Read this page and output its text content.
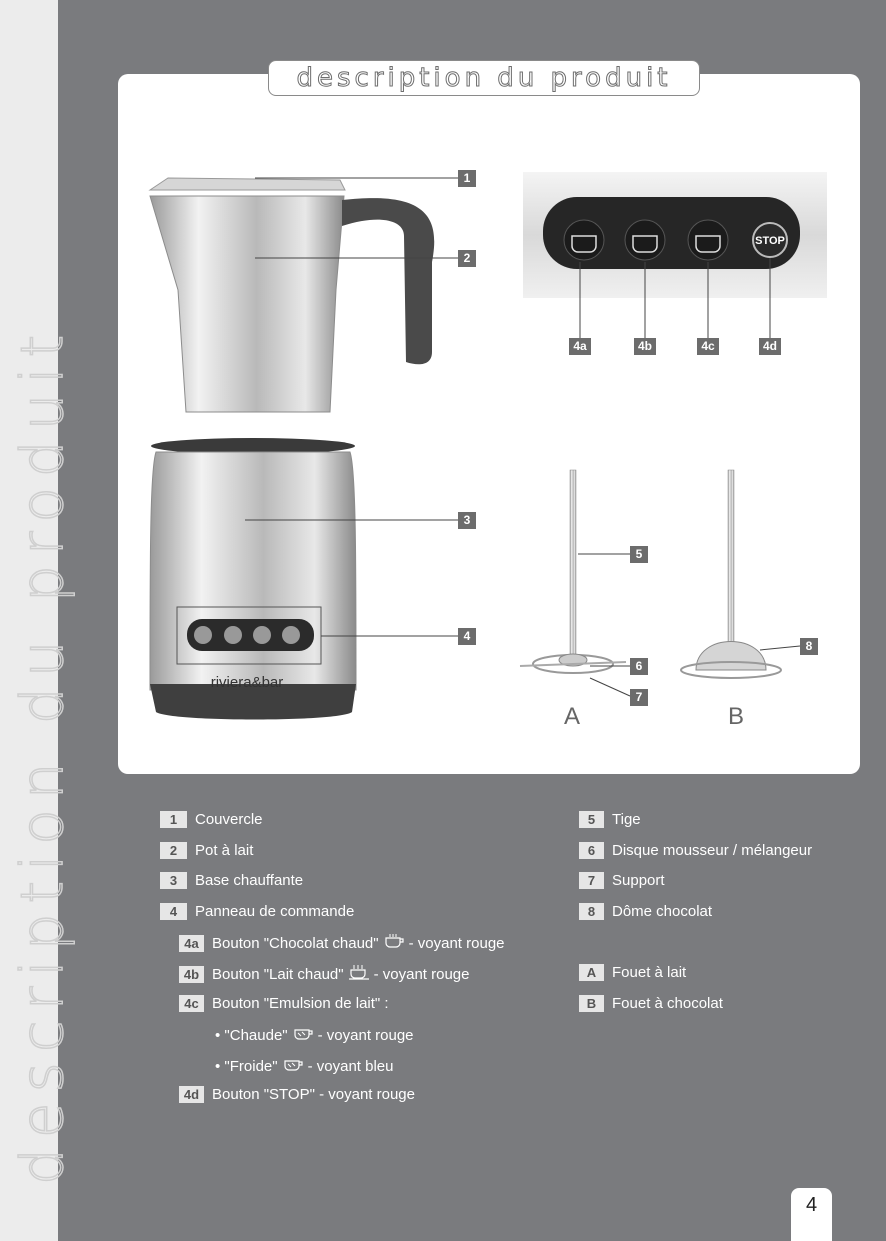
description du produit
description du produit
riviera&bar
STOP
1
2
3
4
4a	4b	4c	4d
5
6
7
8
A	B
1	Couvercle
2	Pot à lait
3	Base chauffante
4	Panneau de commande
4a Bouton "Chocolat chaud" - voyant rouge
4b Bouton "Lait chaud" - voyant rouge
4c Bouton "Emulsion de lait" :
• "Chaude" - voyant rouge
• "Froide" - voyant bleu
4d Bouton "STOP" - voyant rouge
5	Tige
6	Disque mousseur / mélangeur
7	Support
8	Dôme chocolat
A	Fouet à lait
B	Fouet à chocolat
4
